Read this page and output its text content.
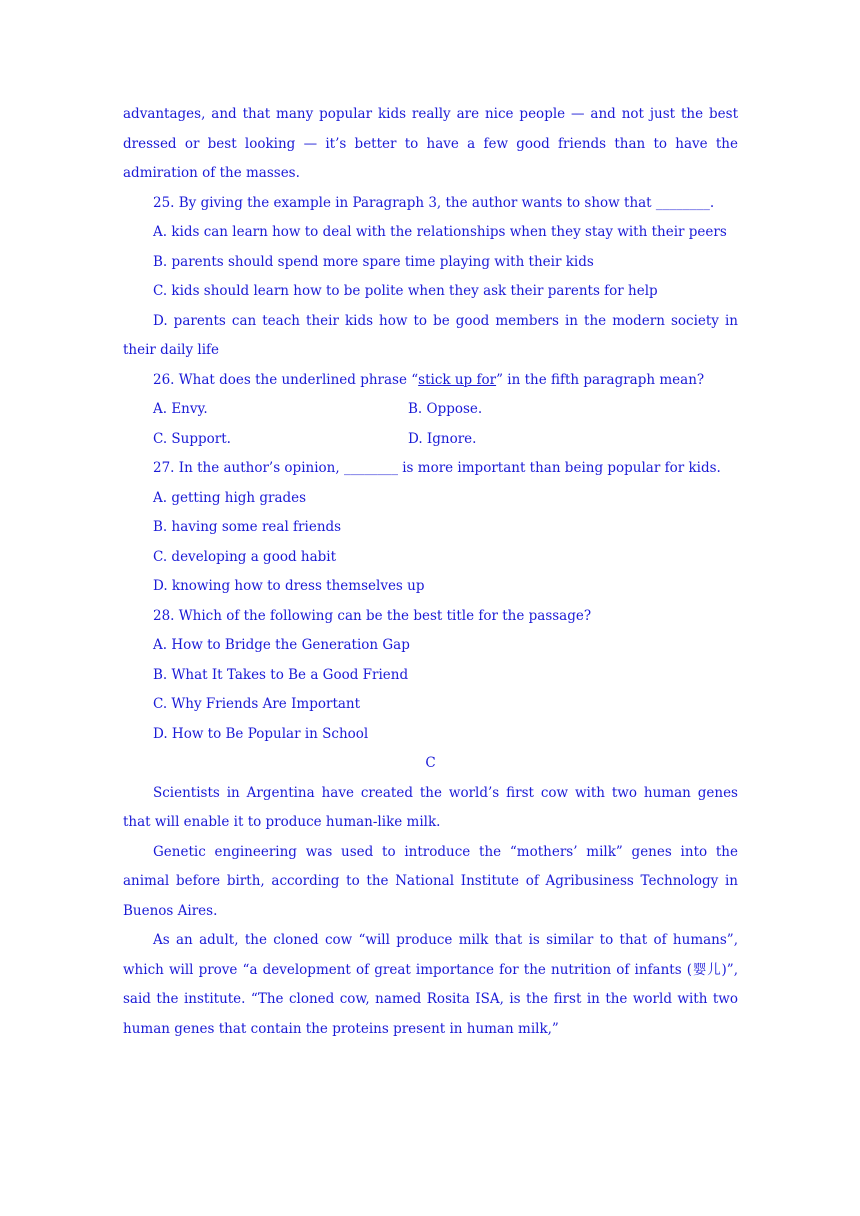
advantages, and that many popular kids really are nice people — and not just the best dressed or best looking — it’s better to have a few good friends than to have the admiration of the masses.

25. By giving the example in Paragraph 3, the author wants to show that ________.

A. kids can learn how to deal with the relationships when they stay with their peers

B. parents should spend more spare time playing with their kids

C. kids should learn how to be polite when they ask their parents for help

D. parents can teach their kids how to be good members in the modern society in their daily life

26. What does the underlined phrase “stick up for” in the fifth paragraph mean?

A. Envy.	B. Oppose.
C. Support.	D. Ignore.

27. In the author’s opinion, ________ is more important than being popular for kids.

A. getting high grades

B. having some real friends

C. developing a good habit

D. knowing how to dress themselves up

28. Which of the following can be the best title for the passage?

A. How to Bridge the Generation Gap

B. What It Takes to Be a Good Friend

C. Why Friends Are Important

D. How to Be Popular in School

C

Scientists in Argentina have created the world’s first cow with two human genes that will enable it to produce human-like milk.

Genetic engineering was used to introduce the “mothers’ milk” genes into the animal before birth, according to the National Institute of Agribusiness Technology in Buenos Aires.

As an adult, the cloned cow “will produce milk that is similar to that of humans”, which will prove “a development of great importance for the nutrition of infants (婴儿)”, said the institute. “The cloned cow, named Rosita ISA, is the first in the world with two human genes that contain the proteins present in human milk,”
